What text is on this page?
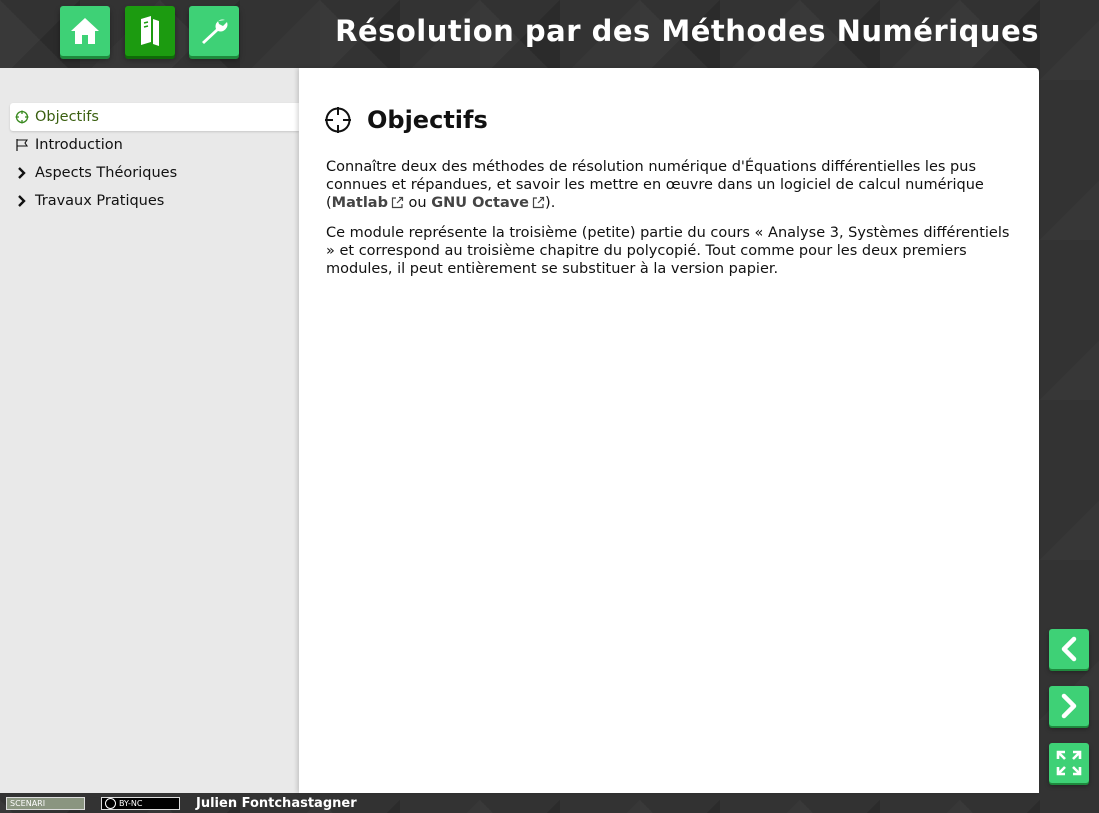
Résolution par des Méthodes Numériques
Objectifs
Introduction
Aspects Théoriques
Travaux Pratiques
Objectifs

Connaître deux des méthodes de résolution numérique d'Équations différentielles les pus connues et répandues, et savoir les mettre en œuvre dans un logiciel de calcul numérique (Matlab ou GNU Octave ).

Ce module représente la troisième (petite) partie du cours « Analyse 3, Systèmes différentiels » et correspond au troisième chapitre du polycopié. Tout comme pour les deux premiers modules, il peut entièrement se substituer à la version papier.

SCENARI	BY-NC	Julien Fontchastagner
